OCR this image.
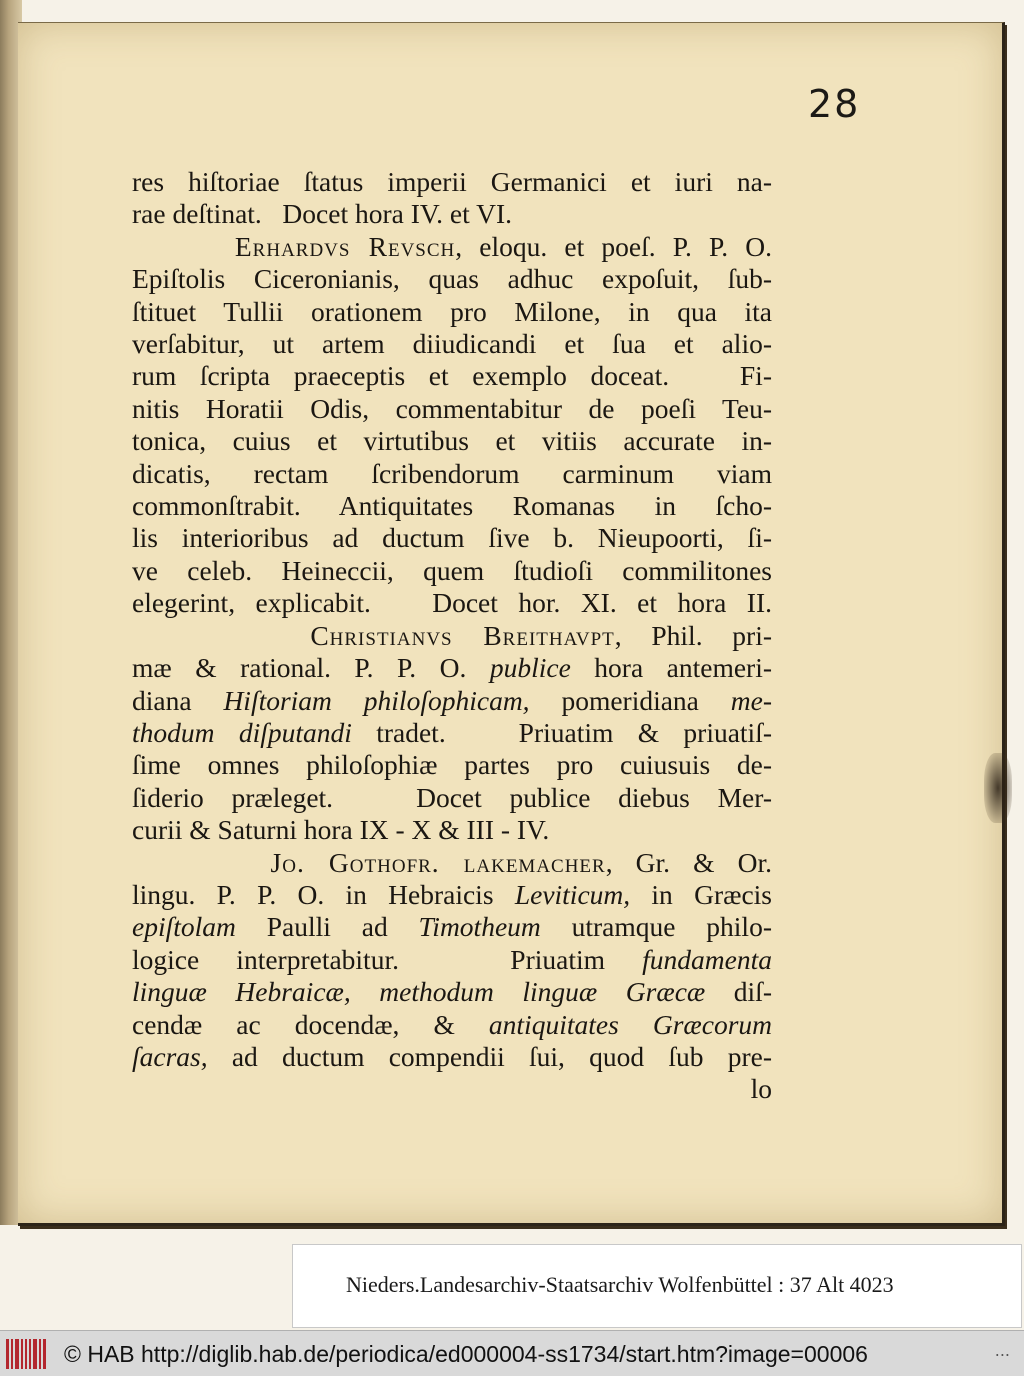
28
res hiſtoriae ſtatus imperii Germanici et iuri na-
rae deſtinat.   Docet hora IV. et VI.
Erhardvs Revsch, eloqu. et poeſ. P. P. O.
Epiſtolis Ciceronianis, quas adhuc expoſuit, ſub-
ſtituet Tullii orationem pro Milone, in qua ita
verſabitur, ut artem diiudicandi et ſua et alio-
rum ſcripta praeceptis et exemplo doceat.   Fi-
nitis Horatii Odis, commentabitur de poeſi Teu-
tonica, cuius et virtutibus et vitiis accurate in-
dicatis, rectam ſcribendorum carminum viam
commonſtrabit. Antiquitates Romanas in ſcho-
lis interioribus ad ductum ſive b. Nieupoorti, ſi-
ve celeb. Heineccii, quem ſtudioſi commilitones
elegerint, explicabit.   Docet hor. XI. et hora II.
Christianvs Breithavpt, Phil. pri-
mæ & rational. P. P. O. publice hora antemeri-
diana Hiſtoriam philoſophicam, pomeridiana me-
thodum diſputandi tradet.   Priuatim & priuatiſ-
ſime omnes philoſophiæ partes pro cuiusuis de-
ſiderio præleget.   Docet publice diebus Mer-
curii & Saturni hora IX - X & III - IV.
Jo. Gothofr. lakemacher, Gr. & Or.
lingu. P. P. O. in Hebraicis Leviticum, in Græcis
epiſtolam Paulli ad Timotheum utramque philo-
logice interpretabitur.   Priuatim fundamenta
linguæ Hebraicæ, methodum linguæ Græcæ diſ-
cendæ ac docendæ, & antiquitates Græcorum
ſacras, ad ductum compendii ſui, quod ſub pre-
lo
Nieders.Landesarchiv-Staatsarchiv Wolfenbüttel : 37 Alt 4023
© HAB http://diglib.hab.de/periodica/ed000004-ss1734/start.htm?image=00006	...
